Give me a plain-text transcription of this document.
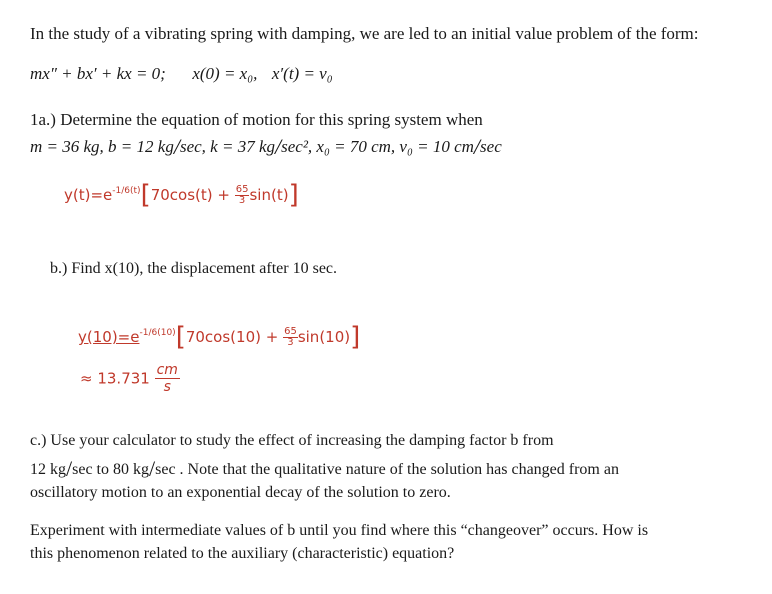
In the study of a vibrating spring with damping, we are led to an initial value problem of the form:
mx″ + bx′ + kx = 0; x(0) = x₀, x′(t) = v₀
1a.) Determine the equation of motion for this spring system when
m = 36 kg, b = 12 kg/sec, k = 37 kg/sec², x₀ = 70 cm, v₀ = 10 cm/sec
$y(t)=e^{-1/6(t)}[70\cos(t) + \frac{65}{3} \sin(t)]$
b.) Find x(10), the displacement after 10 sec.
$y(10)=e^{-1/6(10)}[70\cos(10) + \frac{65}{3} \sin(10)]$
≈ $13.731 \frac{cm}{s}$
c.) Use your calculator to study the effect of increasing the damping factor b from
12 kg/sec to 80 kg/sec . Note that the qualitative nature of the solution has changed from an
oscillatory motion to an exponential decay of the solution to zero.
Experiment with intermediate values of b until you find where this “changeover” occurs. How is
this phenomenon related to the auxiliary (characteristic) equation?
